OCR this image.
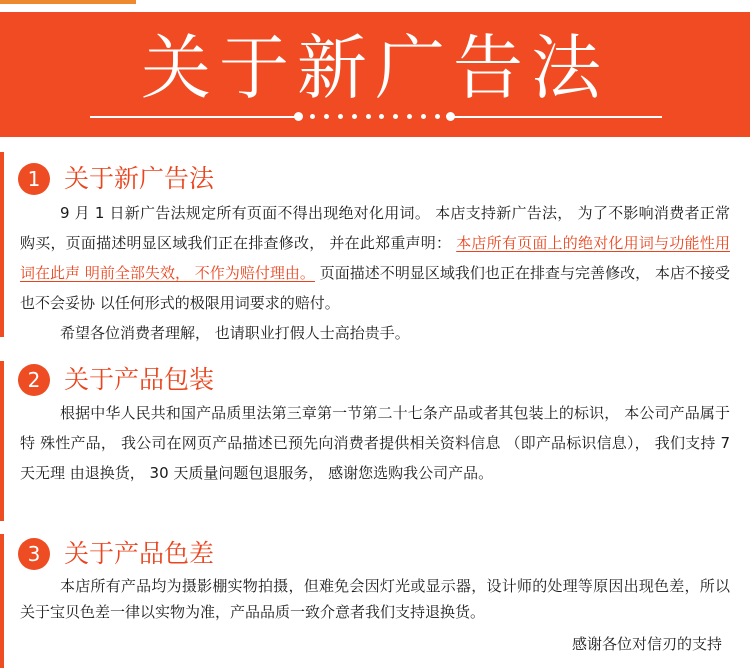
关于新广告法
1 关于新广告法

9 月 1 日新广告法规定所有页面不得出现绝对化用词。 本店支持新广告法， 为了不影响消费者正常购买，页面描述明显区域我们正在排查修改， 并在此郑重声明： 本店所有页面上的绝对化用词与功能性用词在此声 明前全部失效， 不作为赔付理由。 页面描述不明显区域我们也正在排查与完善修改， 本店不接受也不会妥协 以任何形式的极限用词要求的赔付。

希望各位消费者理解， 也请职业打假人士高抬贵手。

2 关于产品包装

根据中华人民共和国产品质里法第三章第一节第二十七条产品或者其包装上的标识， 本公司产品属于特 殊性产品， 我公司在网页产品描述已预先向消费者提供相关资料信息 （即产品标识信息）， 我们支持 7 天无理 由退换货， 30 天质量问题包退服务， 感谢您选购我公司产品。

3 关于产品色差

本店所有产品均为摄影棚实物拍摄，但难免会因灯光或显示器，设计师的处理等原因出现色差，所以关于宝贝色差一律以实物为准，产品品质一致介意者我们支持退换货。

感谢各位对信刃的支持
